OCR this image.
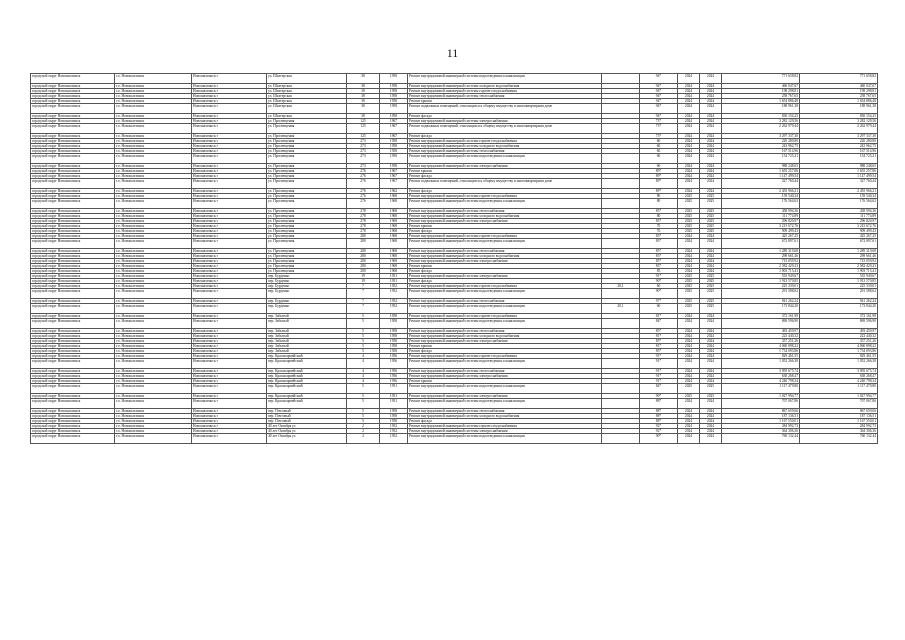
11
городской округ Новошахтинск	г.о. Новошахтинск	Новошахтинск г	ул. Шахтерская	38	1958	Ремонт внутридомовой инженерной системы водоотведения и канализации		94*	2024	2024	771 658,82	771 658,82
городской округ Новошахтинск	г.о. Новошахтинск	Новошахтинск г	ул. Шахтерская	38	1958	Ремонт внутридомовой инженерной системы холодного водоснабжения		94*	2024	2024	460 047,67	460 047,67
городской округ Новошахтинск	г.о. Новошахтинск	Новошахтинск г	ул. Шахтерская	38	1958	Ремонт внутридомовой инженерной системы горячего водоснабжения		94*	2024	2024	198 298,81	198 298,81
городской округ Новошахтинск	г.о. Новошахтинск	Новошахтинск г	ул. Шахтерская	38	1958	Ремонт внутридомовой инженерной системы теплоснабжения		94*	2024	2024	258 767,65	258 767,65
городской округ Новошахтинск	г.о. Новошахтинск	Новошахтинск г	ул. Шахтерская	38	1958	Ремонт крыши		94*	2024	2024	1 654 886,48	1 654 886,48
городской округ Новошахтинск	г.о. Новошахтинск	Новошахтинск г	ул. Шахтерская	38	1958	Ремонт подвальных помещений, относящихся к общему имуществу в многоквартирном доме		94*	2024	2024	188 961,38	188 961,38
городской округ Новошахтинск	г.о. Новошахтинск	Новошахтинск г	ул. Шахтерская	38	1958	Ремонт фасада		94*	2024	2024	830 154,25	830 154,25
городской округ Новошахтинск	г.о. Новошахтинск	Новошахтинск г	ул. Просвещения	125	1967	Ремонт внутридомовой инженерной системы электроснабжения		73*	2024	2024	3 282 129,56	3 282 129,56
городской округ Новошахтинск	г.о. Новошахтинск	Новошахтинск г	ул. Просвещения	125	1967	Ремонт подвальных помещений, относящихся к общему имуществу в многоквартирном доме		73*	2024	2024	2 262 979,44	2 262 979,44
городской округ Новошахтинск	г.о. Новошахтинск	Новошахтинск г	ул. Просвещения	125	1967	Ремонт фасада		73*	2024	2024	3 297 337,30	3 297 337,30
городской округ Новошахтинск	г.о. Новошахтинск	Новошахтинск г	ул. Просвещения	273	1958	Ремонт внутридомовой инженерной системы горячего водоснабжения		60	2024	2024	220 280,80	220 280,80
городской округ Новошахтинск	г.о. Новошахтинск	Новошахтинск г	ул. Просвещения	273	1958	Ремонт внутридомовой инженерной системы холодного водоснабжения		60	2024	2024	243 962,75	243 962,75
городской округ Новошахтинск	г.о. Новошахтинск	Новошахтинск г	ул. Просвещения	273	1958	Ремонт внутридомовой инженерной системы теплоснабжения		60	2024	2024	167 514,96	167 514,96
городской округ Новошахтинск	г.о. Новошахтинск	Новошахтинск г	ул. Просвещения	273	1958	Ремонт внутридомовой инженерной системы водоотведения и канализации		60	2024	2024	154 725,21	154 725,21
городской округ Новошахтинск	г.о. Новошахтинск	Новошахтинск г	ул. Просвещения	273	1958	Ремонт внутридомовой инженерной системы электроснабжения		60	2024	2024	988 248,65	988 248,65
городской округ Новошахтинск	г.о. Новошахтинск	Новошахтинск г	ул. Просвещения	276	1967	Ремонт крыши		89*	2024	2024	1 655 257,86	1 655 257,86
городской округ Новошахтинск	г.о. Новошахтинск	Новошахтинск г	ул. Просвещения	276	1967	Ремонт фасада		89*	2024	2024	1 147 499,54	1 147 499,54
городской округ Новошахтинск	г.о. Новошахтинск	Новошахтинск г	ул. Просвещения	276	1967	Ремонт подвальных помещений, относящихся к общему имуществу в многоквартирном доме		89*	2024	2024	327 760,44	327 760,44
городской округ Новошахтинск	г.о. Новошахтинск	Новошахтинск г	ул. Просвещения	276	1962	Ремонт фасада		89*	2024	2024	2 455 966,21	2 455 966,21
городской округ Новошахтинск	г.о. Новошахтинск	Новошахтинск г	ул. Просвещения	276	1968	Ремонт внутридомовой инженерной системы горячего водоснабжения		80	2025	2025	159 540,34	159 540,34
городской округ Новошахтинск	г.о. Новошахтинск	Новошахтинск г	ул. Просвещения	276	1968	Ремонт внутридомовой инженерной системы водоотведения и канализации		80	2025	2025	176 564,62	176 564,62
городской округ Новошахтинск	г.о. Новошахтинск	Новошахтинск г	ул. Просвещения	278	1968	Ремонт внутридомовой инженерной системы теплоснабжения		85*	2025	2025	458 994,36	458 994,36
городской округ Новошахтинск	г.о. Новошахтинск	Новошахтинск г	ул. Просвещения	278	1968	Ремонт внутридомовой инженерной системы холодного водоснабжения		80	2025	2025	111 774,89	111 774,89
городской округ Новошахтинск	г.о. Новошахтинск	Новошахтинск г	ул. Просвещения	278	1968	Ремонт внутридомовой инженерной системы электроснабжения		85*	2025	2025	296 820,97	296 820,97
городской округ Новошахтинск	г.о. Новошахтинск	Новошахтинск г	ул. Просвещения	278	1968	Ремонт крыши		70	2025	2025	3 215 672,76	3 215 672,76
городской округ Новошахтинск	г.о. Новошахтинск	Новошахтинск г	ул. Просвещения	278	1968	Ремонт фасада		76	2025	2025	909 499,43	909 499,43
городской округ Новошахтинск	г.о. Новошахтинск	Новошахтинск г	ул. Просвещения	280	1968	Ремонт внутридомовой инженерной системы горячего водоснабжения		83*	2024	2024	425 267,25	425 267,25
городской округ Новошахтинск	г.о. Новошахтинск	Новошахтинск г	ул. Просвещения	280	1968	Ремонт внутридомовой инженерной системы водоотведения и канализации		83*	2024	2024	672 897,61	672 897,61
городской округ Новошахтинск	г.о. Новошахтинск	Новошахтинск г	ул. Просвещения	280	1968	Ремонт внутридомовой инженерной системы теплоснабжения		85*	2024	2024	1 289 319,68	1 289 319,68
городской округ Новошахтинск	г.о. Новошахтинск	Новошахтинск г	ул. Просвещения	280	1968	Ремонт внутридомовой инженерной системы холодного водоснабжения		83*	2024	2024	298 661,46	298 661,46
городской округ Новошахтинск	г.о. Новошахтинск	Новошахтинск г	ул. Просвещения	280	1968	Ремонт внутридомовой инженерной системы электроснабжения		85*	2024	2024	715 059,92	715 059,92
городской округ Новошахтинск	г.о. Новошахтинск	Новошахтинск г	ул. Просвещения	280	1968	Ремонт крыши		83*	2024	2024	2 582 429,23	2 582 429,23
городской округ Новошахтинск	г.о. Новошахтинск	Новошахтинск г	ул. Просвещения	280	1968	Ремонт фасада		85	2024	2024	1 903 715,41	1 903 715,41
городской округ Новошахтинск	г.о. Новошахтинск	Новошахтинск г	пер. Бурденко	19	1951	Ремонт внутридомовой инженерной системы электроснабжения		91*	2025	2025	535 949,67	535 949,67
городской округ Новошахтинск	г.о. Новошахтинск	Новошахтинск г	пер. Бурденко	19	1951	Ремонт фасада		90*	2025	2025	1 913 570,85	1 913 570,85
городской округ Новошахтинск	г.о. Новошахтинск	Новошахтинск г	пер. Бурденко	7	1952	Ремонт внутридомовой инженерной системы горячего водоснабжения	20,1	60	2025	2025	225 339,01	225 339,01
городской округ Новошахтинск	г.о. Новошахтинск	Новошахтинск г	пер. Бурденко	7	1952	Ремонт внутридомовой инженерной системы водоотведения и канализации		90*	2025	2025	291 588,62	291 588,62
городской округ Новошахтинск	г.о. Новошахтинск	Новошахтинск г	пер. Бурденко	7	1952	Ремонт внутридомовой инженерной системы теплоснабжения		97*	2025	2025	941 262,24	941 262,24
городской округ Новошахтинск	г.о. Новошахтинск	Новошахтинск г	пер. Бурденко	7	1952	Ремонт внутридомовой инженерной системы водоотведения и канализации	20,1	60	2025	2025	173 844,20	173 844,20
городской округ Новошахтинск	г.о. Новошахтинск	Новошахтинск г	пер. Забытый	5	1958	Ремонт внутридомовой инженерной системы горячего водоснабжения		81*	2024	2024	372 161,98	372 161,98
городской округ Новошахтинск	г.о. Новошахтинск	Новошахтинск г	пер. Забытый	5	1958	Ремонт внутридомовой инженерной системы водоотведения и канализации		84*	2024	2024	869 596,90	869 596,90
городской округ Новошахтинск	г.о. Новошахтинск	Новошахтинск г	пер. Забытый	5	1958	Ремонт внутридомовой инженерной системы теплоснабжения		85*	2024	2024	493 459,97	493 459,97
городской округ Новошахтинск	г.о. Новошахтинск	Новошахтинск г	пер. Забытый	5	1958	Ремонт внутридомовой инженерной системы холодного водоснабжения		81*	2024	2024	223 440,32	223 440,32
городской округ Новошахтинск	г.о. Новошахтинск	Новошахтинск г	пер. Забытый	5	1958	Ремонт внутридомовой инженерной системы электроснабжения		85*	2024	2024	357 251,26	357 251,26
городской округ Новошахтинск	г.о. Новошахтинск	Новошахтинск г	пер. Забытый	5	1958	Ремонт крыши		81*	2024	2024	4 060 898,22	4 060 898,22
городской округ Новошахтинск	г.о. Новошахтинск	Новошахтинск г	пер. Забытый	5	1958	Ремонт фасада		85*	2024	2024	1 734 093,86	1 734 093,86
городской округ Новошахтинск	г.о. Новошахтинск	Новошахтинск г	пер. Красноармейский	4	1956	Ремонт внутридомовой инженерной системы горячего водоснабжения		91*	2024	2024	829 461,55	829 461,55
городской округ Новошахтинск	г.о. Новошахтинск	Новошахтинск г	пер. Красноармейский	4	1956	Ремонт внутридомовой инженерной системы водоотведения и канализации		91*	2024	2024	1 052 266,38	1 052 266,38
городской округ Новошахтинск	г.о. Новошахтинск	Новошахтинск г	пер. Красноармейский	4	1956	Ремонт внутридомовой инженерной системы теплоснабжения		91*	2024	2024	3 095 675,74	3 095 675,74
городской округ Новошахтинск	г.о. Новошахтинск	Новошахтинск г	пер. Красноармейский	4	1956	Ремонт внутридомовой инженерной системы электроснабжения		91*	2024	2024	638 268,47	638 268,47
городской округ Новошахтинск	г.о. Новошахтинск	Новошахтинск г	пер. Красноармейский	4	1956	Ремонт крыши		91*	2024	2024	4 240 798,34	4 240 798,34
городской округ Новошахтинск	г.о. Новошахтинск	Новошахтинск г	пер. Красноармейский	5	1951	Ремонт внутридомовой инженерной системы водоотведения и канализации		84*	2025	2025	1 117 479,80	1 117 479,80
городской округ Новошахтинск	г.о. Новошахтинск	Новошахтинск г	пер. Красноармейский	5	1951	Ремонт внутридомовой инженерной системы электроснабжения		90*	2025	2025	1 027 994,77	1 027 994,77
городской округ Новошахтинск	г.о. Новошахтинск	Новошахтинск г	пер. Красноармейский	5	1951	Ремонт внутридомовой инженерной системы водоотведения и канализации		88*	2024	2024	707 067,86	707 067,86
городской округ Новошахтинск	г.о. Новошахтинск	Новошахтинск г	пер. Почтовый	5	1958	Ремонт внутридомовой инженерной системы теплоснабжения		88*	2024	2024	867 659,66	867 659,66
городской округ Новошахтинск	г.о. Новошахтинск	Новошахтинск г	пер. Почтовый	5	1958	Ремонт внутридомовой инженерной системы холодного водоснабжения		88*	2024	2024	187 136,51	187 136,51
городской округ Новошахтинск	г.о. Новошахтинск	Новошахтинск г	пер. Почтовый	5	1958	Ремонт фасада		88*	2024	2024	1 167 550,01	1 167 550,01
городской округ Новошахтинск	г.о. Новошахтинск	Новошахтинск г	40 лет Октября ул	2	1952	Ремонт внутридомовой инженерной системы горячего водоснабжения		92*	2024	2024	284 992,73	284 992,73
городской округ Новошахтинск	г.о. Новошахтинск	Новошахтинск г	40 лет Октября ул	2	1952	Ремонт внутридомовой инженерной системы электроснабжения		92*	2024	2024	364 306,36	364 306,36
городской округ Новошахтинск	г.о. Новошахтинск	Новошахтинск г	40 лет Октября ул	2	1952	Ремонт внутридомовой инженерной системы водоотведения и канализации		90*	2024	2024	760 132,44	760 132,44
